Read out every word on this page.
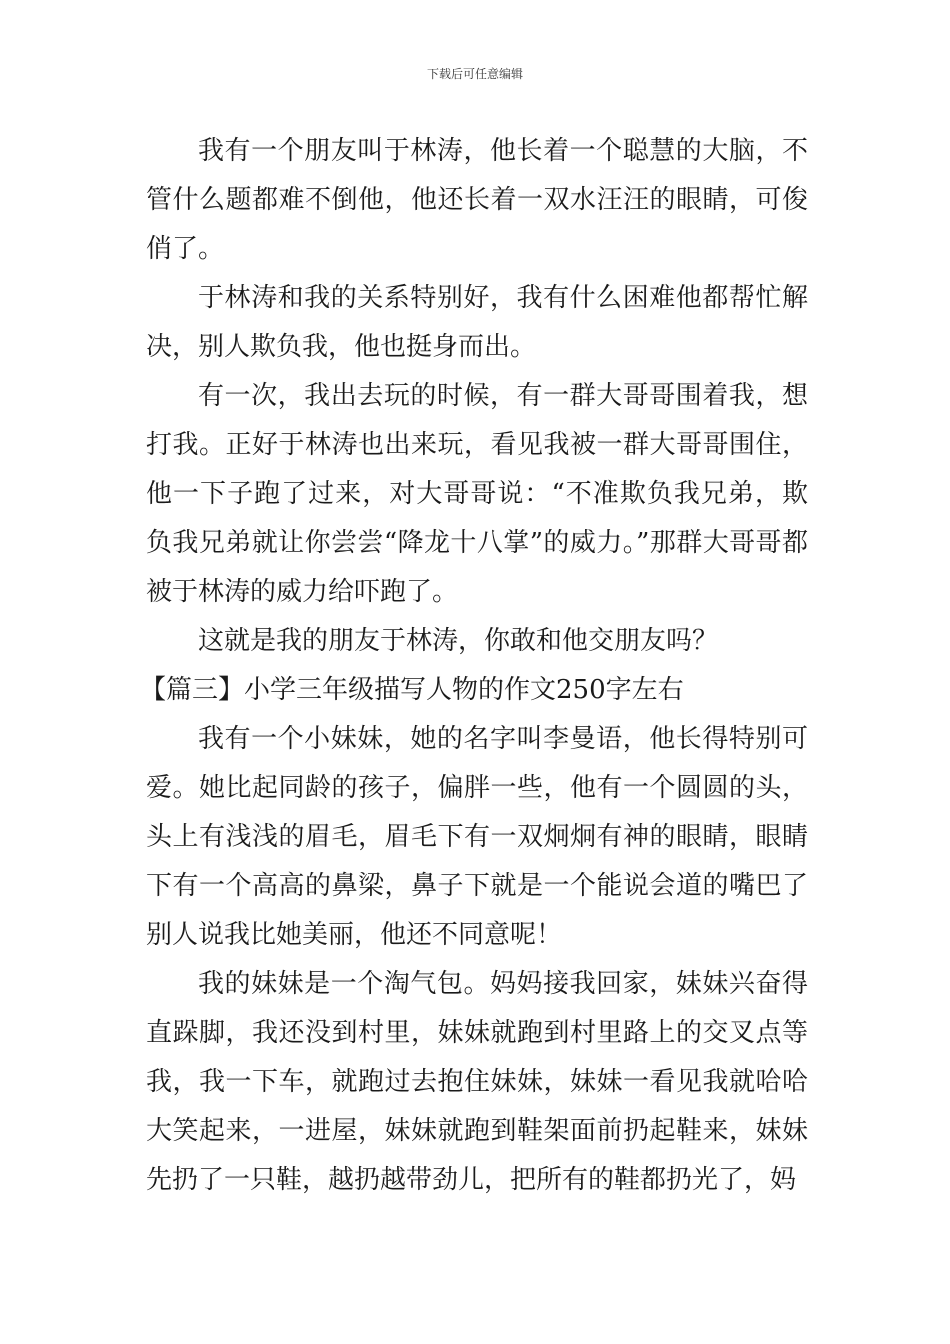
下载后可任意编辑

我有一个朋友叫于林涛，他长着一个聪慧的大脑，不管什么题都难不倒他，他还长着一双水汪汪的眼睛，可俊俏了。

于林涛和我的关系特别好，我有什么困难他都帮忙解决，别人欺负我，他也挺身而出。

有一次，我出去玩的时候，有一群大哥哥围着我，想打我。正好于林涛也出来玩，看见我被一群大哥哥围住，他一下子跑了过来，对大哥哥说：“不准欺负我兄弟，欺负我兄弟就让你尝尝“降龙十八掌”的威力。”那群大哥哥都被于林涛的威力给吓跑了。

这就是我的朋友于林涛，你敢和他交朋友吗？

【篇三】小学三年级描写人物的作文250字左右

我有一个小妹妹，她的名字叫李曼语，他长得特别可爱。她比起同龄的孩子，偏胖一些，他有一个圆圆的头，头上有浅浅的眉毛，眉毛下有一双炯炯有神的眼睛，眼睛下有一个高高的鼻梁，鼻子下就是一个能说会道的嘴巴了别人说我比她美丽，他还不同意呢！

我的妹妹是一个淘气包。妈妈接我回家，妹妹兴奋得直跺脚，我还没到村里，妹妹就跑到村里路上的交叉点等我，我一下车，就跑过去抱住妹妹，妹妹一看见我就哈哈大笑起来，一进屋，妹妹就跑到鞋架面前扔起鞋来，妹妹先扔了一只鞋，越扔越带劲儿，把所有的鞋都扔光了，妈
